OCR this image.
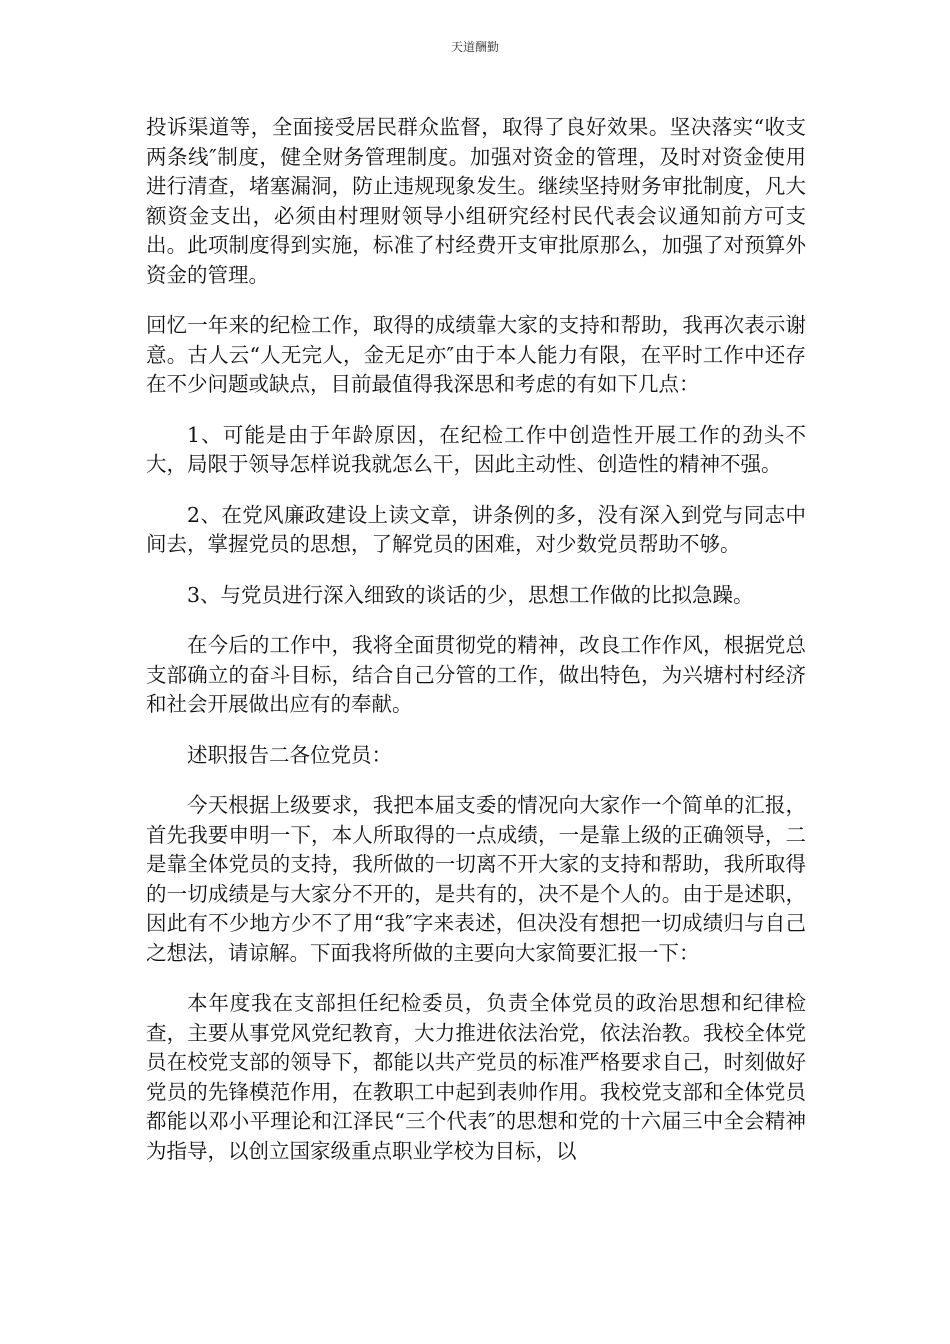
天道酬勤

投诉渠道等，全面接受居民群众监督，取得了良好效果。坚决落实“收支两条线″制度，健全财务管理制度。加强对资金的管理，及时对资金使用进行清查，堵塞漏洞，防止违规现象发生。继续坚持财务审批制度，凡大额资金支出，必须由村理财领导小组研究经村民代表会议通知前方可支出。此项制度得到实施，标准了村经费开支审批原那么，加强了对预算外资金的管理。

回忆一年来的纪检工作，取得的成绩靠大家的支持和帮助，我再次表示谢意。古人云“人无完人，金无足亦″由于本人能力有限，在平时工作中还存在不少问题或缺点，目前最值得我深思和考虑的有如下几点：

1、可能是由于年龄原因，在纪检工作中创造性开展工作的劲头不大，局限于领导怎样说我就怎么干，因此主动性、创造性的精神不强。

2、在党风廉政建设上读文章，讲条例的多，没有深入到党与同志中间去，掌握党员的思想，了解党员的困难，对少数党员帮助不够。

3、与党员进行深入细致的谈话的少，思想工作做的比拟急躁。

在今后的工作中，我将全面贯彻党的精神，改良工作作风，根据党总支部确立的奋斗目标，结合自己分管的工作，做出特色，为兴塘村村经济和社会开展做出应有的奉献。

述职报告二各位党员：

今天根据上级要求，我把本届支委的情况向大家作一个简单的汇报，首先我要申明一下，本人所取得的一点成绩，一是靠上级的正确领导，二是靠全体党员的支持，我所做的一切离不开大家的支持和帮助，我所取得的一切成绩是与大家分不开的，是共有的，决不是个人的。由于是述职，因此有不少地方少不了用“我″字来表述，但决没有想把一切成绩归与自己之想法，请谅解。下面我将所做的主要向大家简要汇报一下：

本年度我在支部担任纪检委员，负责全体党员的政治思想和纪律检查，主要从事党风党纪教育，大力推进依法治党，依法治教。我校全体党员在校党支部的领导下，都能以共产党员的标准严格要求自己，时刻做好党员的先锋模范作用，在教职工中起到表帅作用。我校党支部和全体党员都能以邓小平理论和江泽民“三个代表″的思想和党的十六届三中全会精神为指导，以创立国家级重点职业学校为目标，以
